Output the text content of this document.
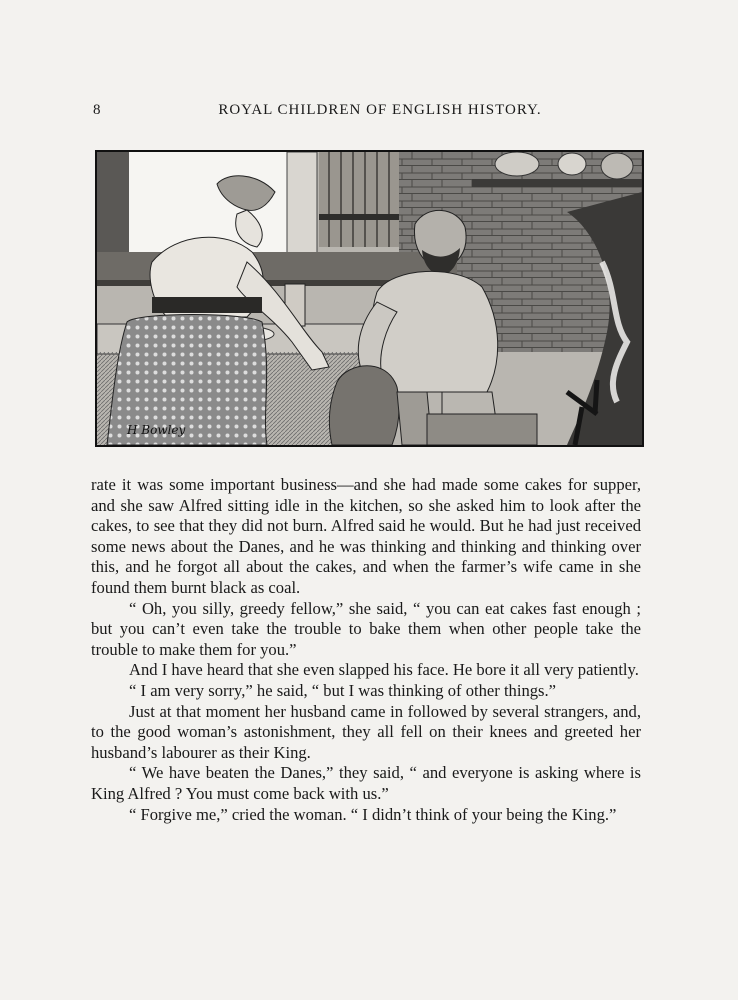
8	ROYAL CHILDREN OF ENGLISH HISTORY.
H Bowley

rate it was some important business—and she had made some cakes for supper, and she saw Alfred sitting idle in the kitchen, so she asked him to look after the cakes, to see that they did not burn. Alfred said he would. But he had just received some news about the Danes, and he was thinking and thinking and thinking over this, and he forgot all about the cakes, and when the farmer’s wife came in she found them burnt black as coal.

“ Oh, you silly, greedy fellow,” she said, “ you can eat cakes fast enough ; but you can’t even take the trouble to bake them when other people take the trouble to make them for you.”

And I have heard that she even slapped his face. He bore it all very patiently.

“ I am very sorry,” he said, “ but I was thinking of other things.”

Just at that moment her husband came in followed by several strangers, and, to the good woman’s astonishment, they all fell on their knees and greeted her husband’s labourer as their King.

“ We have beaten the Danes,” they said, “ and everyone is asking where is King Alfred ? You must come back with us.”

“ Forgive me,” cried the woman. “ I didn’t think of your being the King.”
